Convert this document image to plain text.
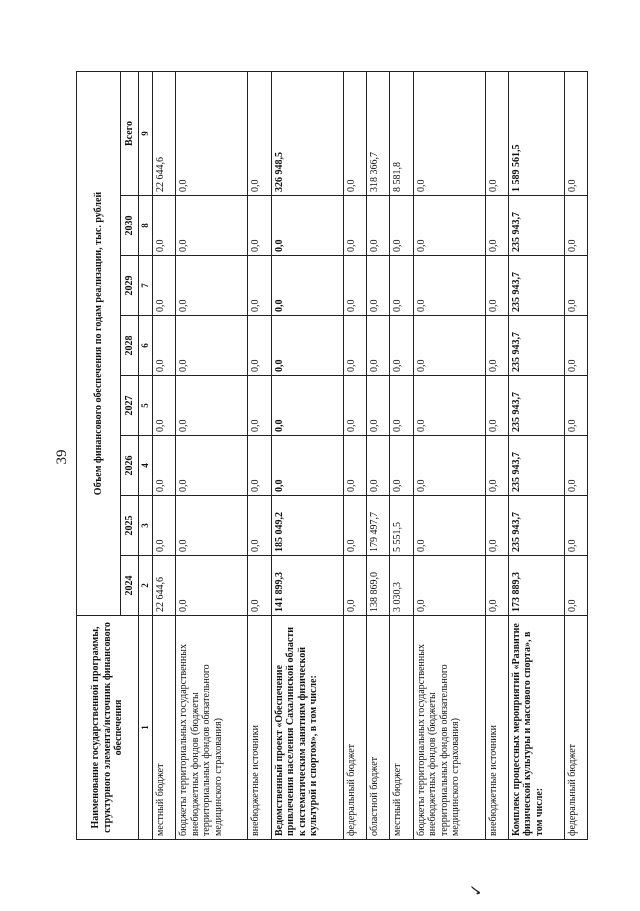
39
Наименование государственной программы, структурного элемента/источник финансового обеспечения	Объем финансового обеспечения по годам реализации, тыс. рублей							
	2024	2025	2026	2027	2028	2029	2030	Всего
1	2	3	4	5	6	7	8	9
местный бюджет	22 644,6	0,0	0,0	0,0	0,0	0,0	0,0	22 644,6
бюджеты территориальных государственных внебюджетных фондов (бюджеты территориальных фондов обязательного медицинского страхования)	0,0	0,0	0,0	0,0	0,0	0,0	0,0	0,0
внебюджетные источники	0,0	0,0	0,0	0,0	0,0	0,0	0,0	0,0
Ведомственный проект «Обеспечение привлечения населения Сахалинской области к систематическим занятиям физической культурой и спортом», в том числе:	141 899,3	185 049,2	0,0	0,0	0,0	0,0	0,0	326 948,5
федеральный бюджет	0,0	0,0	0,0	0,0	0,0	0,0	0,0	0,0
областной бюджет	138 869,0	179 497,7	0,0	0,0	0,0	0,0	0,0	318 366,7
местный бюджет	3 030,3	5 551,5	0,0	0,0	0,0	0,0	0,0	8 581,8
бюджеты территориальных государственных внебюджетных фондов (бюджеты территориальных фондов обязательного медицинского страхования)	0,0	0,0	0,0	0,0	0,0	0,0	0,0	0,0
внебюджетные источники	0,0	0,0	0,0	0,0	0,0	0,0	0,0	0,0
Комплекс процессных мероприятий «Развитие физической культуры и массового спорта», в том числе:	173 889,3	235 943,7	235 943,7	235 943,7	235 943,7	235 943,7	235 943,7	1 589 561,5
федеральный бюджет	0,0	0,0	0,0	0,0	0,0	0,0	0,0	0,0
✓
